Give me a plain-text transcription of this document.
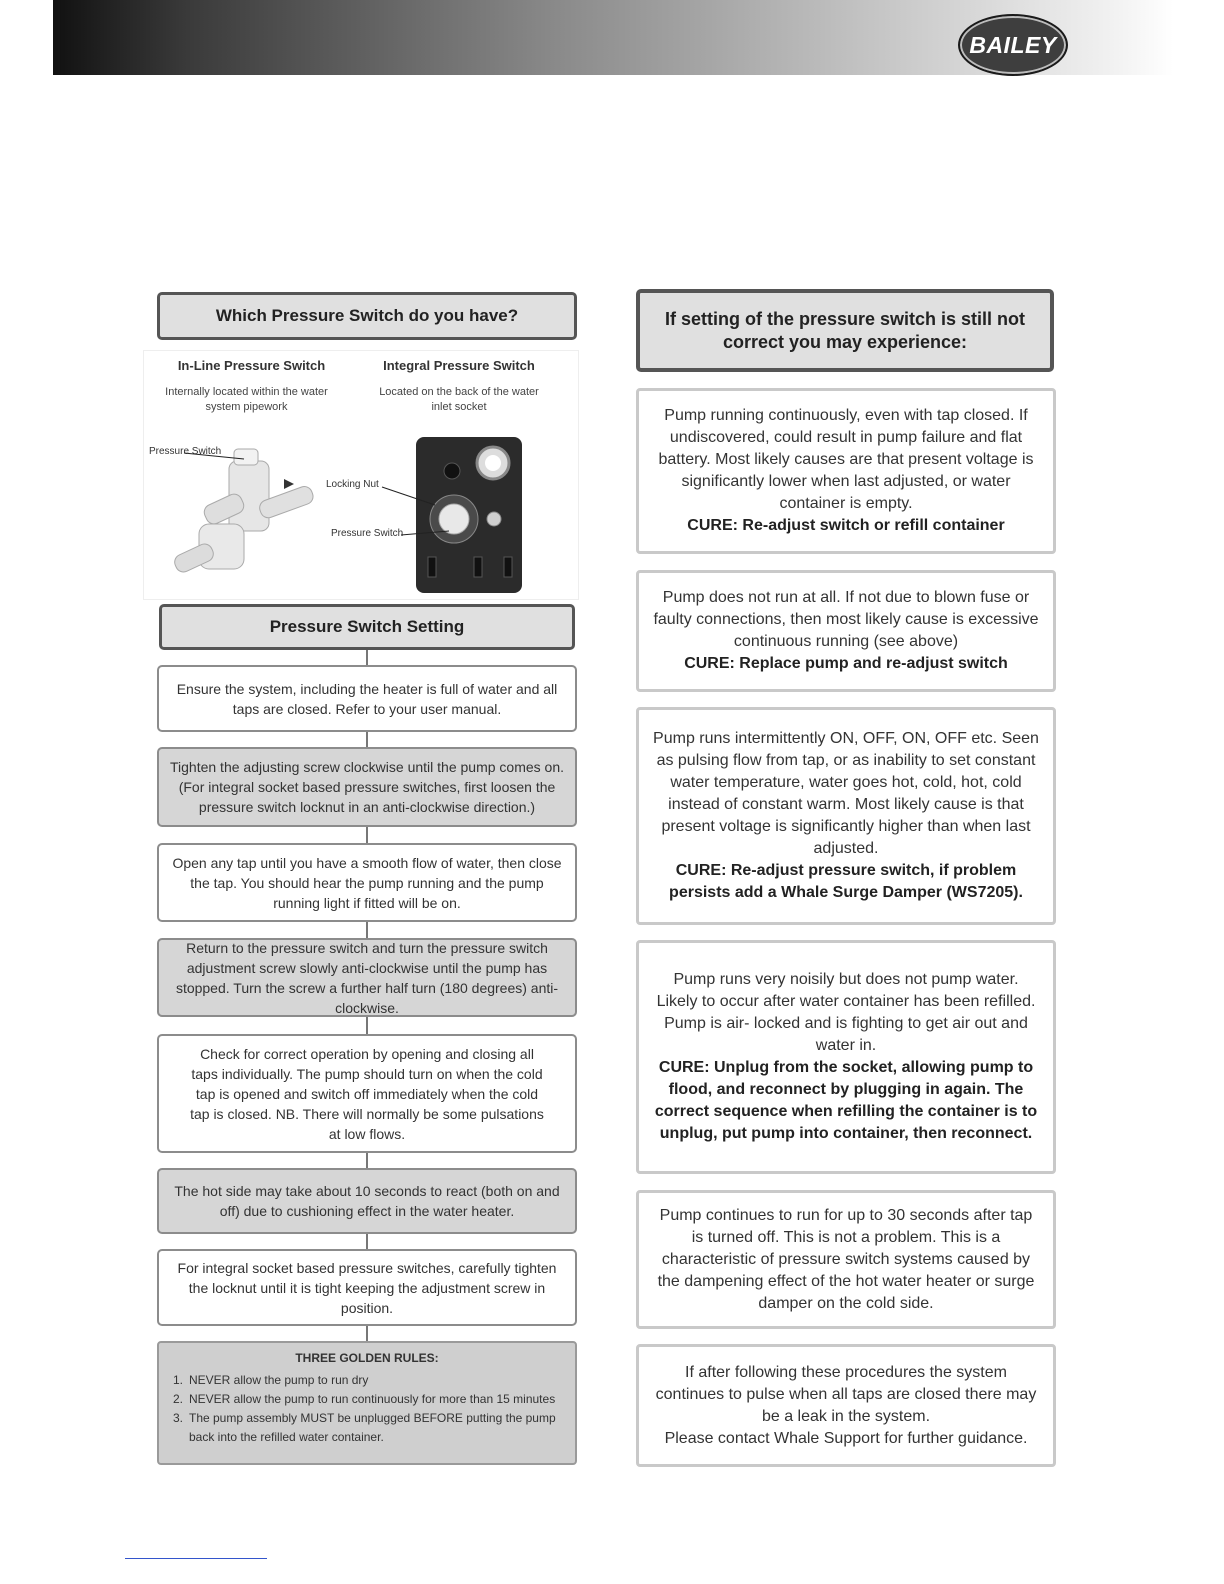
BAILEY
Which Pressure Switch do you have?
In-Line Pressure Switch	Integral Pressure Switch
Internally located within the water system pipework
Located on the back of the water inlet socket
Pressure Switch
Locking Nut
Pressure Switch
Pressure Switch Setting
Ensure the system, including the heater is full of water and all taps are closed. Refer to your user manual.
Tighten the adjusting screw clockwise until the pump comes on. (For integral socket based pressure switches, first loosen the pressure switch locknut in an anti-clockwise direction.)
Open any tap until you have a smooth flow of water, then close the tap. You should hear the pump running and the pump running light if fitted will be on.
Return to the pressure switch and turn the pressure switch adjustment screw slowly anti-clockwise until the pump has stopped. Turn the screw a further half turn (180 degrees) anti-clockwise.
Check for correct operation by opening and closing all taps individually. The pump should turn on when the cold tap is opened and switch off immediately when the cold tap is closed. NB. There will normally be some pulsations at low flows.
The hot side may take about 10 seconds to react (both on and off) due to cushioning effect in the water heater.
For integral socket based pressure switches, carefully tighten the locknut until it is tight keeping the adjustment screw in position.
THREE GOLDEN RULES:
1. NEVER allow the pump to run dry
2. NEVER allow the pump to run continuously for more than 15 minutes
3. The pump assembly MUST be unplugged BEFORE putting the pump back into the refilled water container.
If setting of the pressure switch is still not correct you may experience:
Pump running continuously, even with tap closed. If undiscovered, could result in pump failure and flat battery. Most likely causes are that present voltage is significantly lower when last adjusted, or water container is empty.
CURE: Re-adjust switch or refill container
Pump does not run at all. If not due to blown fuse or faulty connections, then most likely cause is excessive continuous running (see above)
CURE: Replace pump and re-adjust switch
Pump runs intermittently ON, OFF, ON, OFF etc. Seen as pulsing flow from tap, or as inability to set constant water temperature, water goes hot, cold, hot, cold instead of constant warm. Most likely cause is that present voltage is significantly higher than when last adjusted.
CURE: Re-adjust pressure switch, if problem persists add a Whale Surge Damper (WS7205).
Pump runs very noisily but does not pump water. Likely to occur after water container has been refilled. Pump is air- locked and is fighting to get air out and water in.
CURE: Unplug from the socket, allowing pump to flood, and reconnect by plugging in again. The correct sequence when refilling the container is to unplug, put pump into container, then reconnect.
Pump continues to run for up to 30 seconds after tap is turned off. This is not a problem. This is a characteristic of pressure switch systems caused by the dampening effect of the hot water heater or surge damper on the cold side.
If after following these procedures the system continues to pulse when all taps are closed there may be a leak in the system.
Please contact Whale Support for further guidance.
